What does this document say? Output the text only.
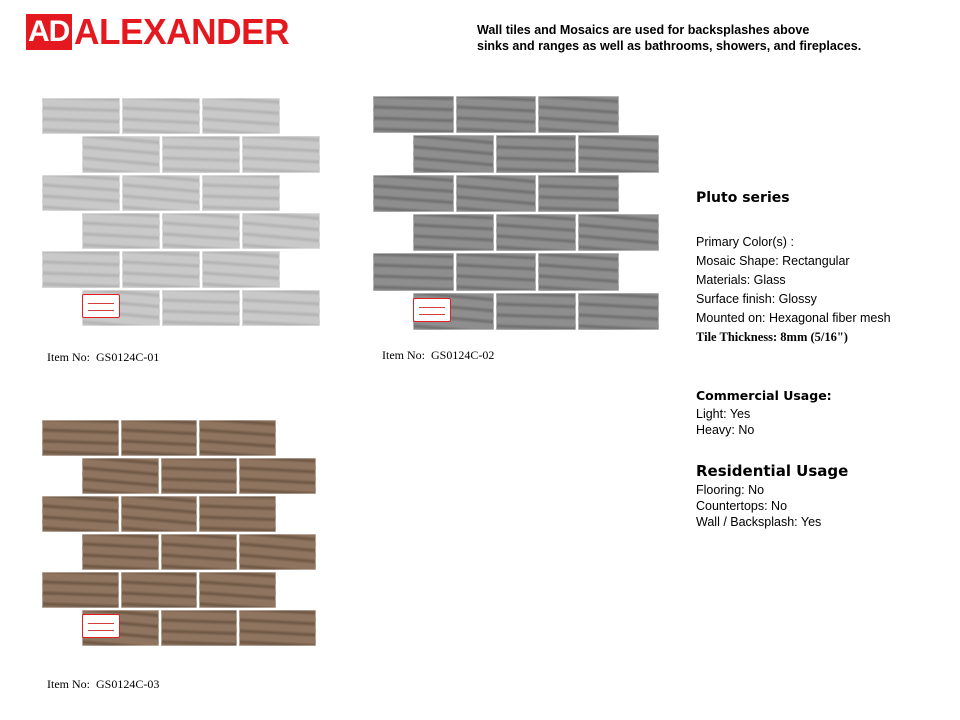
AD ALEXANDER	Wall tiles and Mosaics are used for backsplashes above
sinks and ranges as well as bathrooms, showers, and fireplaces.
Item No: GS0124C-01	Item No: GS0124C-02
Item No: GS0124C-03
Pluto series
Primary Color(s) :
Mosaic Shape: Rectangular
Materials: Glass
Surface finish: Glossy
Mounted on: Hexagonal fiber mesh
Tile Thickness: 8mm (5/16")
Commercial Usage:
Light: Yes
Heavy: No
Residential Usage
Flooring: No
Countertops: No
Wall / Backsplash: Yes
